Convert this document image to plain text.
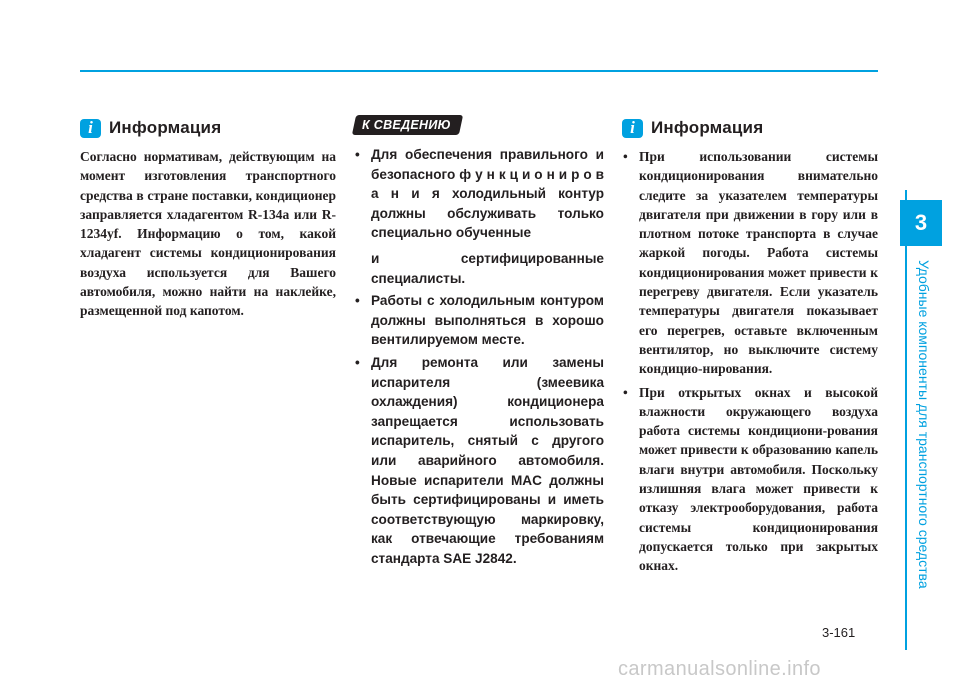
3
Удобные компоненты для транспортного средства
i Информация

Согласно нормативам, действующим на момент изготовления транспортного средства в стране поставки, кондиционер заправляется хладагентом R-134a или R-1234yf. Информацию о том, какой хладагент системы кондиционирования воздуха используется для Вашего автомобиля, можно найти на наклейке, размещенной под капотом.

К СВЕДЕНИЮ
• Для обеспечения правильного и безопасного ф у н к ц и о н и р о в а н и я холодильный контур должны обслуживать только специально обученные
и сертифицированные специалисты.
• Работы с холодильным контуром должны выполняться в хорошо вентилируемом месте.
• Для ремонта или замены испарителя (змеевика охлаждения) кондиционера запрещается использовать испаритель, снятый с другого или аварийного автомобиля. Новые испарители MAC должны быть сертифицированы и иметь соответствующую маркировку, как отвечающие требованиям стандарта SAE J2842.
i Информация
• При использовании системы кондиционирования внимательно следите за указателем температуры двигателя при движении в гору или в плотном потоке транспорта в случае жаркой погоды. Работа системы кондиционирования может привести к перегреву двигателя. Если указатель температуры двигателя показывает его перегрев, оставьте включенным вентилятор, но выключите систему кондицио-нирования.
• При открытых окнах и высокой влажности окружающего воздуха работа системы кондициони-рования может привести к образованию капель влаги внутри автомобиля. Поскольку излишняя влага может привести к отказу электрооборудования, работа системы кондиционирования допускается только при закрытых окнах.
3-161
carmanualsonline.info
